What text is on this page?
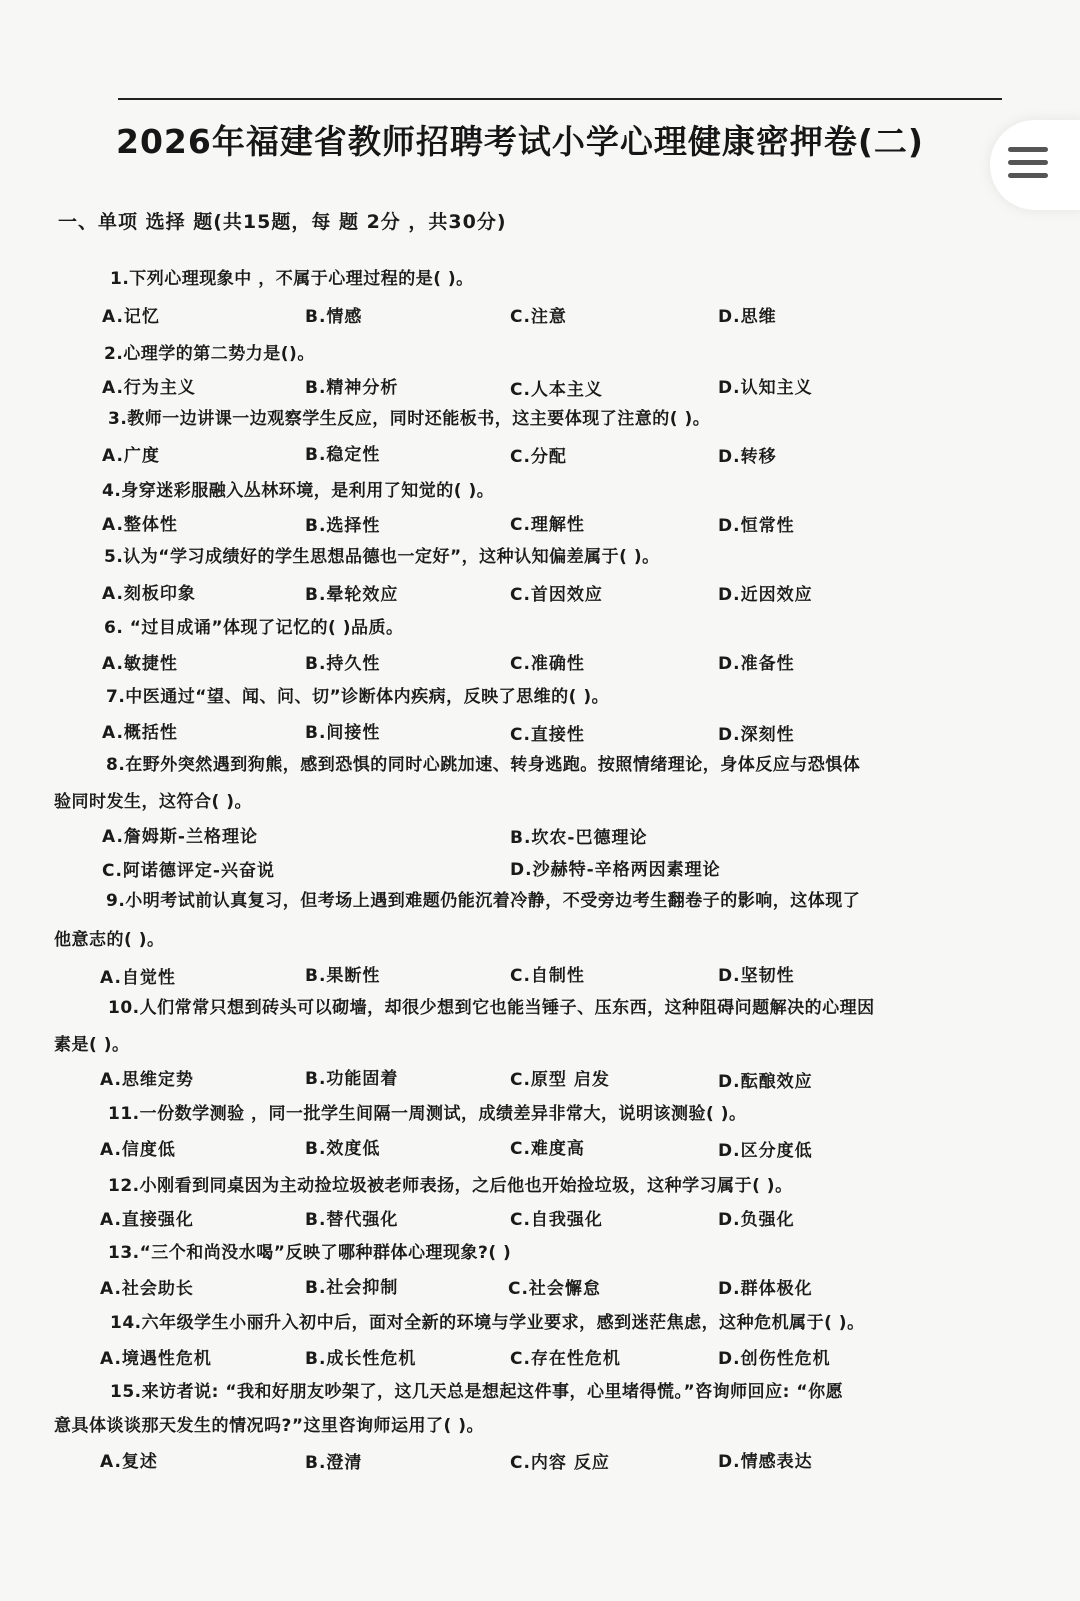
2026年福建省教师招聘考试小学心理健康密押卷(二)
一、单项 选择 题(共15题，每 题 2分 ，共30分)
1.下列心理现象中 ，不属于心理过程的是( )。
A.记忆	B.情感	C.注意	D.思维
2.心理学的第二势力是()。
A.行为主义	B.精神分析	C.人本主义	D.认知主义
3.教师一边讲课一边观察学生反应，同时还能板书，这主要体现了注意的( )。
A.广度	B.稳定性	C.分配	D.转移
4.身穿迷彩服融入丛林环境，是利用了知觉的( )。
A.整体性	B.选择性	C.理解性	D.恒常性
5.认为“学习成绩好的学生思想品德也一定好”，这种认知偏差属于( )。
A.刻板印象	B.晕轮效应	C.首因效应	D.近因效应
6. “过目成诵”体现了记忆的( )品质。
A.敏捷性	B.持久性	C.准确性	D.准备性
7.中医通过“望、闻、问、切”诊断体内疾病，反映了思维的( )。
A.概括性	B.间接性	C.直接性	D.深刻性
8.在野外突然遇到狗熊，感到恐惧的同时心跳加速、转身逃跑。按照情绪理论，身体反应与恐惧体
验同时发生，这符合( )。
A.詹姆斯-兰格理论	B.坎农-巴德理论
C.阿诺德评定-兴奋说	D.沙赫特-辛格两因素理论
9.小明考试前认真复习，但考场上遇到难题仍能沉着冷静，不受旁边考生翻卷子的影响，这体现了
他意志的( )。
A.自觉性	B.果断性	C.自制性	D.坚韧性
10.人们常常只想到砖头可以砌墙，却很少想到它也能当锤子、压东西，这种阻碍问题解决的心理因
素是( )。
A.思维定势	B.功能固着	C.原型 启发	D.酝酿效应
11.一份数学测验 ，同一批学生间隔一周测试，成绩差异非常大，说明该测验( )。
A.信度低	B.效度低	C.难度高	D.区分度低
12.小刚看到同桌因为主动捡垃圾被老师表扬，之后他也开始捡垃圾，这种学习属于( )。
A.直接强化	B.替代强化	C.自我强化	D.负强化
13.“三个和尚没水喝”反映了哪种群体心理现象?( )
A.社会助长	B.社会抑制	C.社会懈怠	D.群体极化
14.六年级学生小丽升入初中后，面对全新的环境与学业要求，感到迷茫焦虑，这种危机属于( )。
A.境遇性危机	B.成长性危机	C.存在性危机	D.创伤性危机
15.来访者说: “我和好朋友吵架了，这几天总是想起这件事，心里堵得慌。”咨询师回应: “你愿
意具体谈谈那天发生的情况吗?”这里咨询师运用了( )。
A.复述	B.澄清	C.内容 反应	D.情感表达
